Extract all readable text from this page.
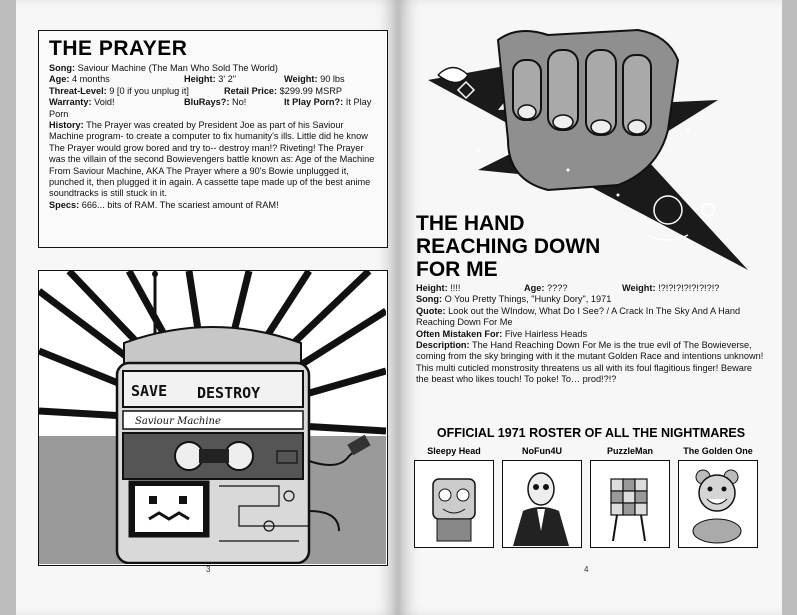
THE PRAYER
Song: Saviour Machine (The Man Who Sold The World)
Age: 4 months	Height: 3' 2"	Weight: 90 lbs
Threat-Level: 9 [0 if you unplug it]	Retail Price: $299.99 MSRP
Warranty: Void!	BluRays?: No!	It Play Porn?: It Play
Porn
History: The Prayer was created by President Joe as part of his Saviour Machine program- to create a computer to fix humanity's ills. Little did he know The Prayer would grow bored and try to-- destroy man!? Riveting! The Prayer was the villain of the second Bowievengers battle known as: Age of the Machine From Saviour Machine, AKA The Prayer where a 90's Bowie unplugged it, punched it, then plugged it in again. A cassette tape made up of the best anime soundtracks is still stuck in it.
Specs: 666... bits of RAM. The scariest amount of RAM!
SAVE DESTROY
Saviour Machine
3
THE HAND
REACHING DOWN
FOR ME
Height: !!!!	Age: ????	Weight: !?!?!?!?!?!?!?!?
Song: O You Pretty Things, "Hunky Dory", 1971
Quote: Look out the WIndow, What Do I See? / A Crack In The Sky And A Hand Reaching Down For Me
Often Mistaken For: Five Hairless Heads
Description: The Hand Reaching Down For Me is the true evil of The Bowieverse, coming from the sky bringing with it the mutant Golden Race and intentions unknown! This multi cuticled monstrosity threatens us all with its foul flagitious finger! Beware the beast who likes touch! To poke! To… prod!?!?
OFFICIAL 1971 ROSTER OF ALL THE NIGHTMARES
Sleepy Head	NoFun4U	PuzzleMan	The Golden One
4
